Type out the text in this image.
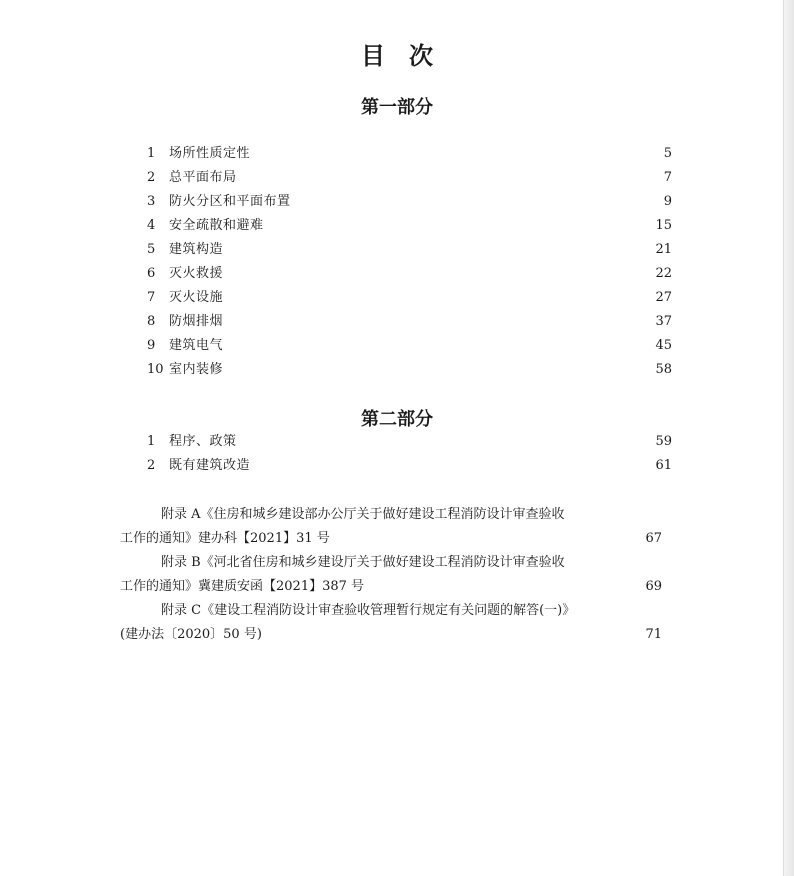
目 次
第一部分
1	场所性质定性	5
2	总平面布局	7
3	防火分区和平面布置	9
4	安全疏散和避难	15
5	建筑构造	21
6	灭火救援	22
7	灭火设施	27
8	防烟排烟	37
9	建筑电气	45
10 室内装修	58
第二部分
1	程序、政策	59
2	既有建筑改造	61
附录 A《住房和城乡建设部办公厅关于做好建设工程消防设计审查验收
工作的通知》建办科【2021】31 号	67
附录 B《河北省住房和城乡建设厅关于做好建设工程消防设计审查验收
工作的通知》冀建质安函【2021】387 号	69
附录 C《建设工程消防设计审查验收管理暂行规定有关问题的解答(一)》
(建办法〔2020〕50 号)	71
